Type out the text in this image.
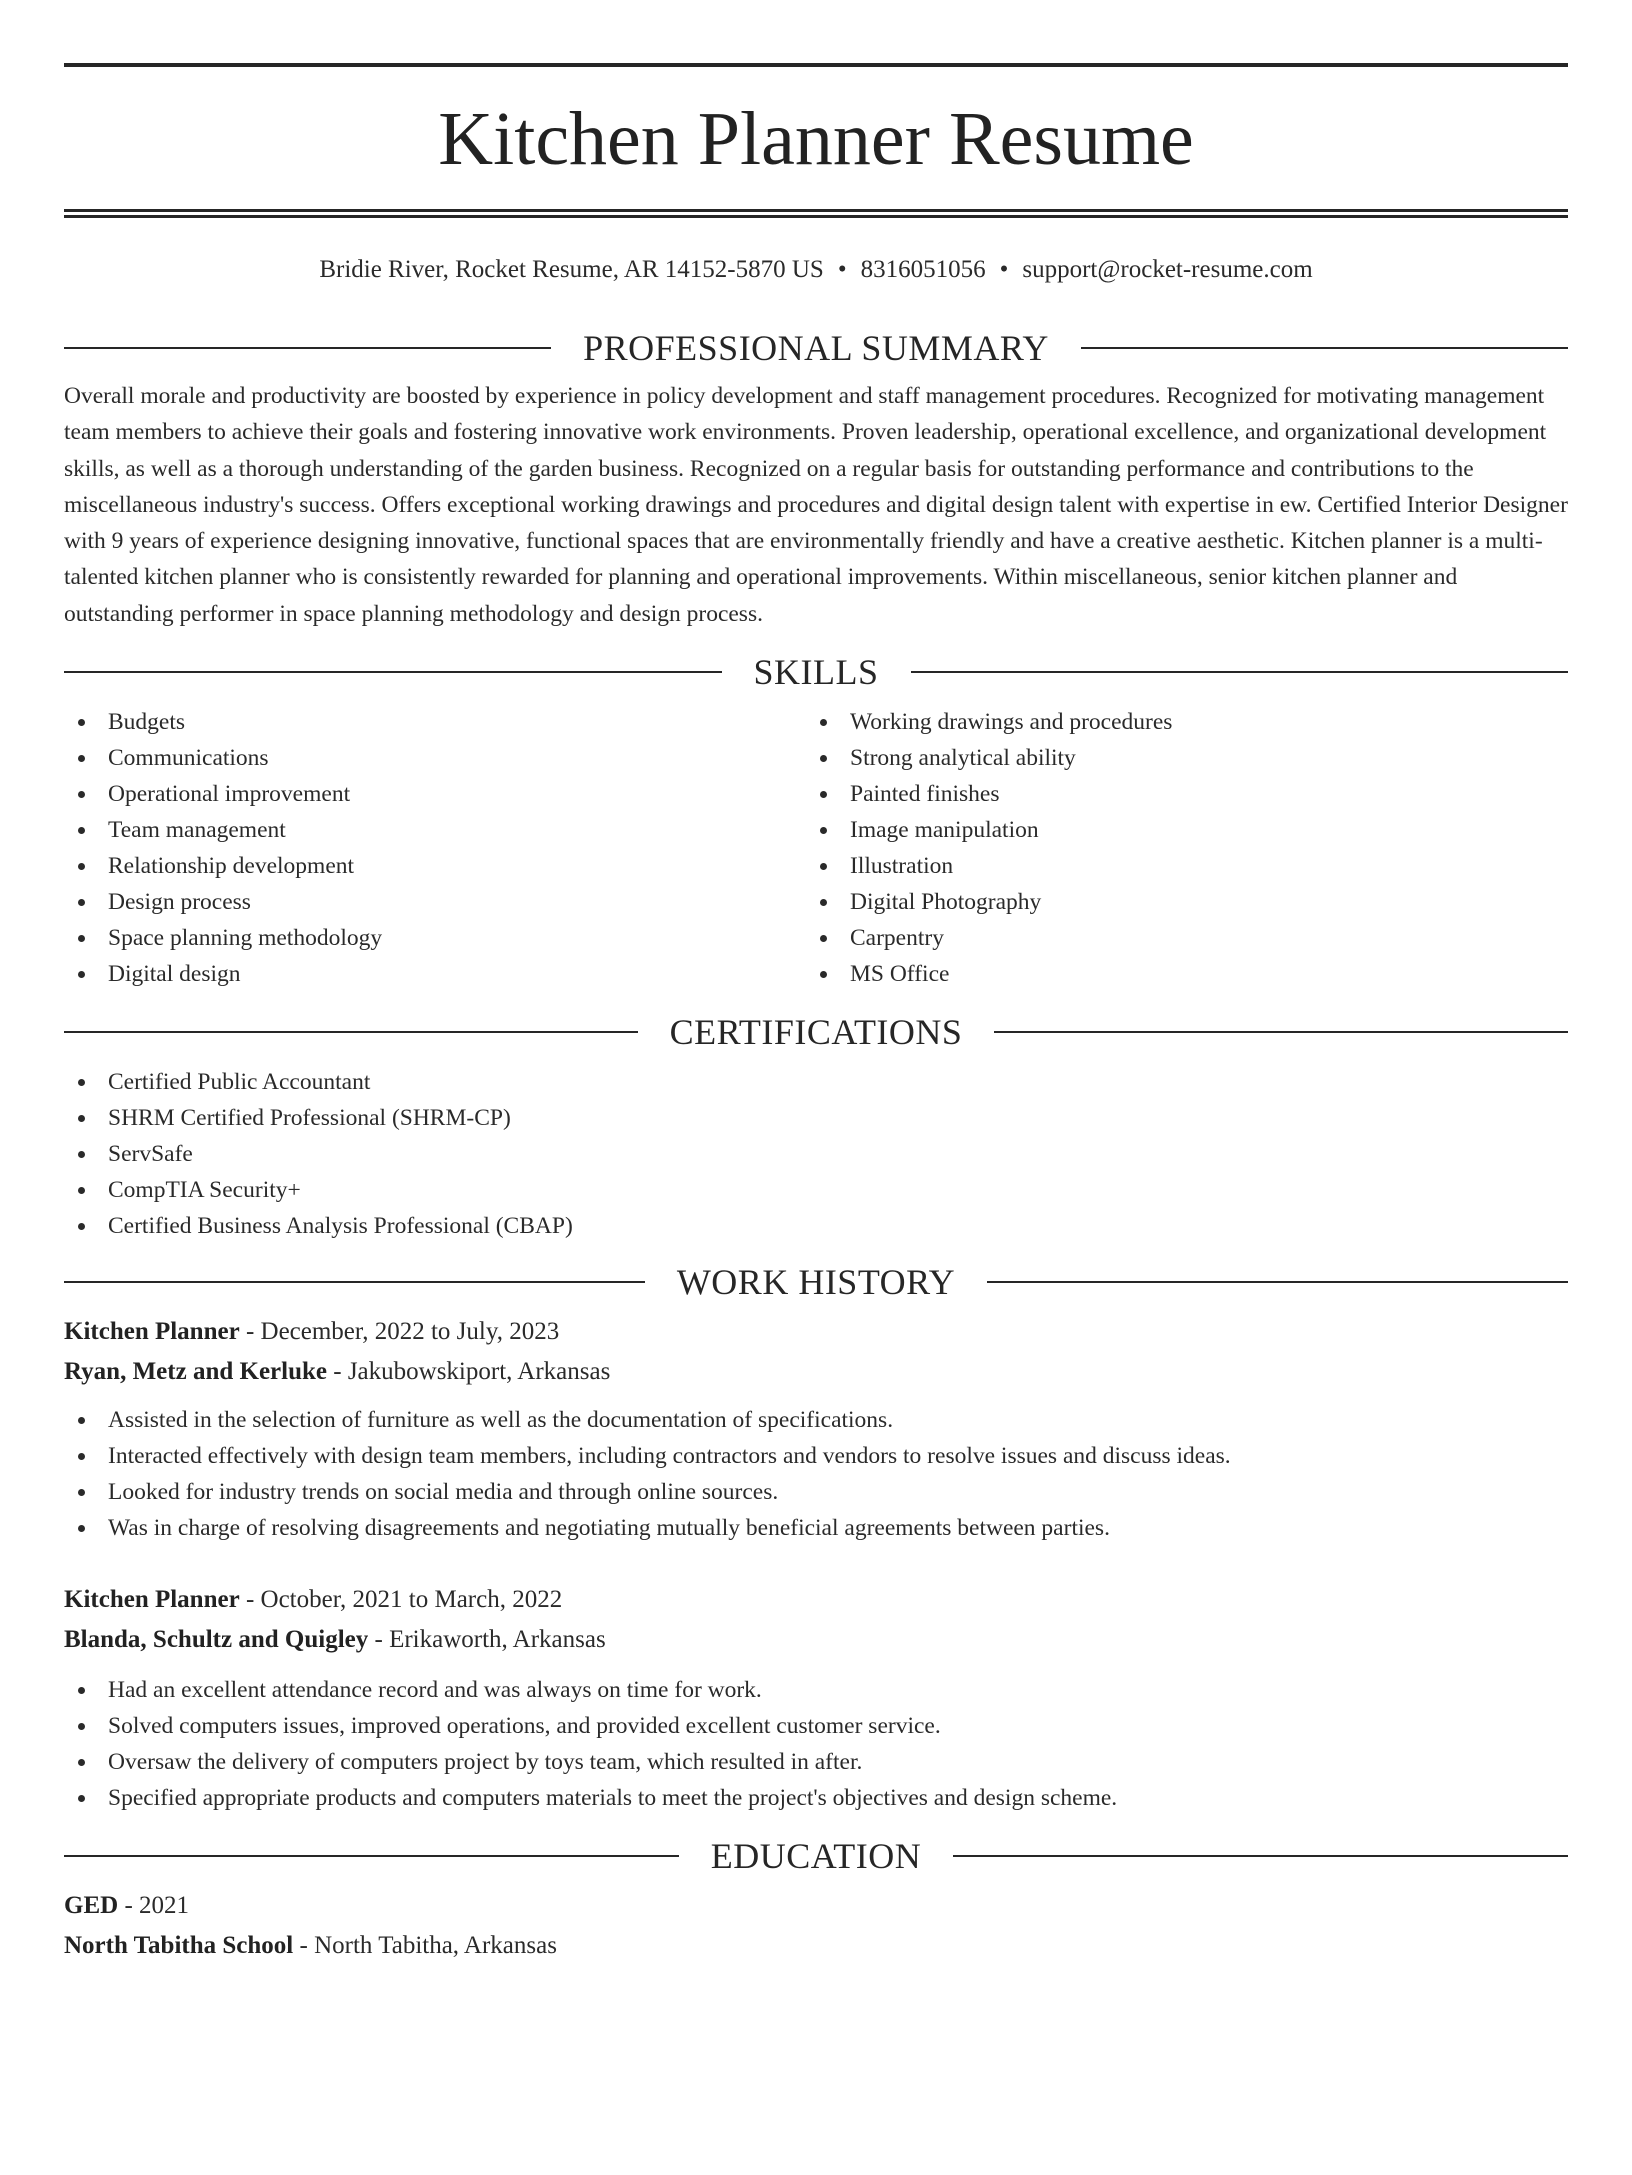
Kitchen Planner Resume
Bridie River, Rocket Resume, AR 14152-5870 US • 8316051056 • support@rocket-resume.com
PROFESSIONAL SUMMARY
Overall morale and productivity are boosted by experience in policy development and staff management procedures. Recognized for motivating management team members to achieve their goals and fostering innovative work environments. Proven leadership, operational excellence, and organizational development skills, as well as a thorough understanding of the garden business. Recognized on a regular basis for outstanding performance and contributions to the miscellaneous industry's success. Offers exceptional working drawings and procedures and digital design talent with expertise in ew. Certified Interior Designer with 9 years of experience designing innovative, functional spaces that are environmentally friendly and have a creative aesthetic. Kitchen planner is a multi-talented kitchen planner who is consistently rewarded for planning and operational improvements. Within miscellaneous, senior kitchen planner and outstanding performer in space planning methodology and design process.
SKILLS
Budgets
Communications
Operational improvement
Team management
Relationship development
Design process
Space planning methodology
Digital design
Working drawings and procedures
Strong analytical ability
Painted finishes
Image manipulation
Illustration
Digital Photography
Carpentry
MS Office
CERTIFICATIONS
Certified Public Accountant
SHRM Certified Professional (SHRM-CP)
ServSafe
CompTIA Security+
Certified Business Analysis Professional (CBAP)
WORK HISTORY
Kitchen Planner - December, 2022 to July, 2023
Ryan, Metz and Kerluke - Jakubowskiport, Arkansas
Assisted in the selection of furniture as well as the documentation of specifications.
Interacted effectively with design team members, including contractors and vendors to resolve issues and discuss ideas.
Looked for industry trends on social media and through online sources.
Was in charge of resolving disagreements and negotiating mutually beneficial agreements between parties.
Kitchen Planner - October, 2021 to March, 2022
Blanda, Schultz and Quigley - Erikaworth, Arkansas
Had an excellent attendance record and was always on time for work.
Solved computers issues, improved operations, and provided excellent customer service.
Oversaw the delivery of computers project by toys team, which resulted in after.
Specified appropriate products and computers materials to meet the project's objectives and design scheme.
EDUCATION
GED - 2021
North Tabitha School - North Tabitha, Arkansas
